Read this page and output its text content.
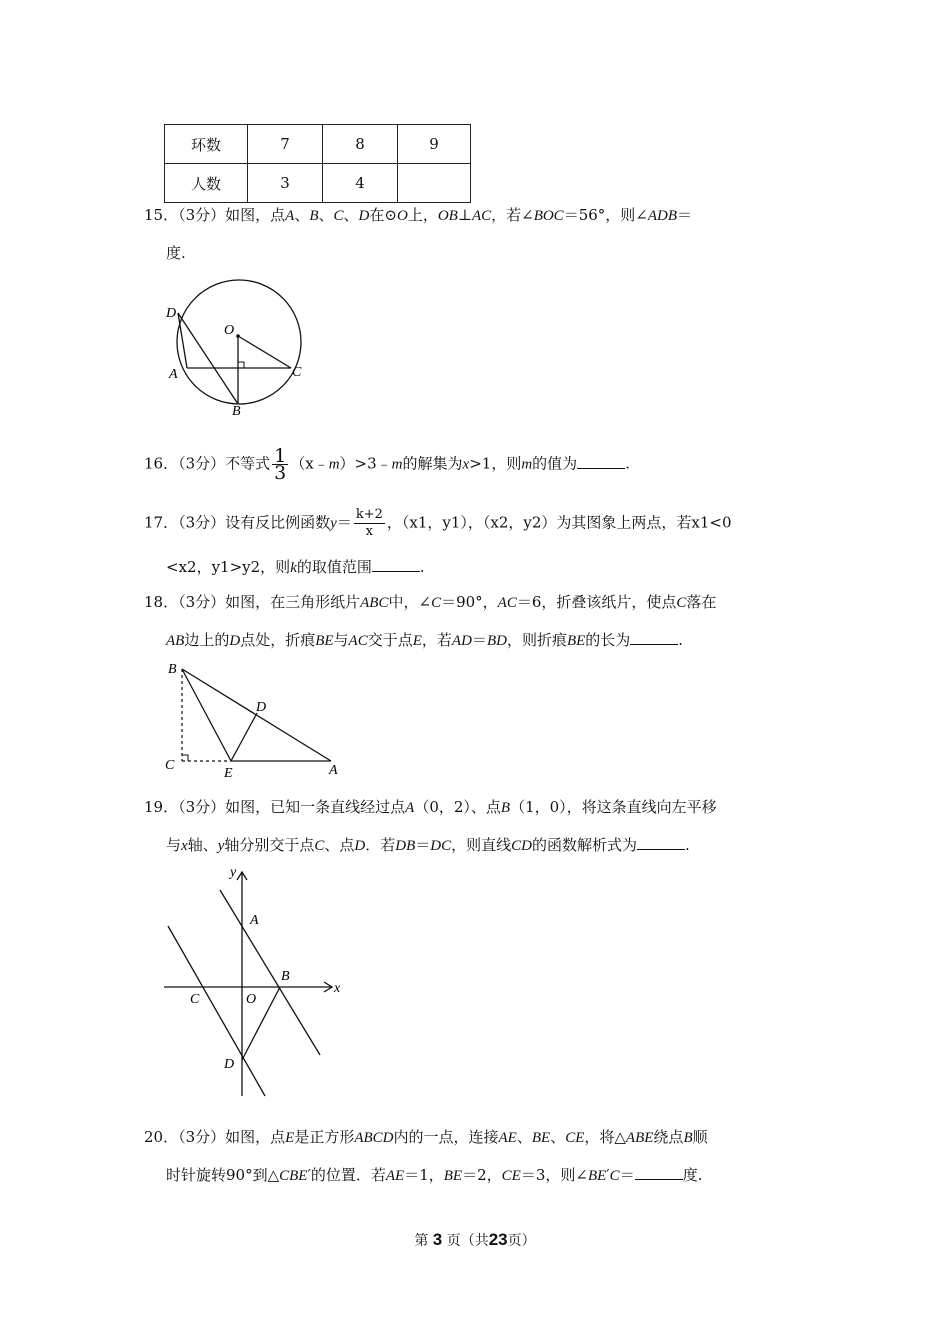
环数	7	8	9
人数	3	4	
15．（3分）如图，点A、B、C、D在⊙O上，OB⊥AC，若∠BOC＝56°，则∠ADB＝
度.
D
O
A	C
B
16．（3分）不等式 $\frac{1}{3}$ （x﹣m）>3﹣m的解集为x>1，则m的值为	.
17．（3分）设有反比例函数$y= \frac{k+2}{x}$ ，（x1，y1），（x2，y2）为其图象上两点，若x1<0
<x2，y1>y2，则k的取值范围	.
18．（3分）如图，在三角形纸片ABC中，∠C＝90°，AC＝6，折叠该纸片，使点C落在
AB边上的D点处，折痕BE与AC交于点E，若AD＝BD，则折痕BE的长为	.
B
D
C
E	A
19．（3分）如图，已知一条直线经过点A（0，2）、点B（1，0），将这条直线向左平移
与x轴、y轴分别交于点C、点D．若DB＝DC，则直线CD的函数解析式为	.
y
x
A
B
C	O
D
20．（3分）如图，点E是正方形ABCD内的一点，连接AE、BE、CE，将△ABE绕点B顺
时针旋转90°到△CBE′的位置．若AE＝1，BE＝2，CE＝3，则∠BE′C＝	度.
第 3 页（共23页）
